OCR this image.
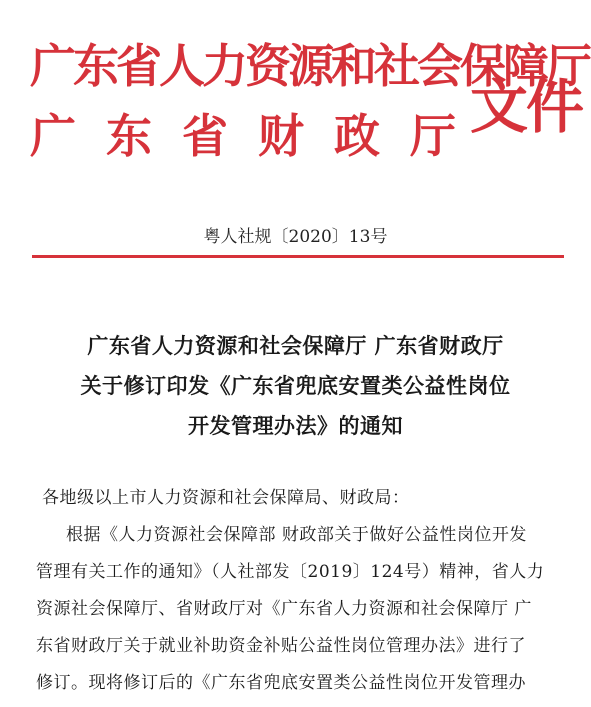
广东省人力资源和社会保障厅
广东省财政厅
文件
粤人社规〔2020〕13号
广东省人力资源和社会保障厅 广东省财政厅
关于修订印发《广东省兜底安置类公益性岗位
开发管理办法》的通知
各地级以上市人力资源和社会保障局、财政局：
根据《人力资源社会保障部 财政部关于做好公益性岗位开发
管理有关工作的通知》（人社部发〔2019〕124号）精神，省人力
资源社会保障厅、省财政厅对《广东省人力资源和社会保障厅 广
东省财政厅关于就业补助资金补贴公益性岗位管理办法》进行了
修订。现将修订后的《广东省兜底安置类公益性岗位开发管理办
